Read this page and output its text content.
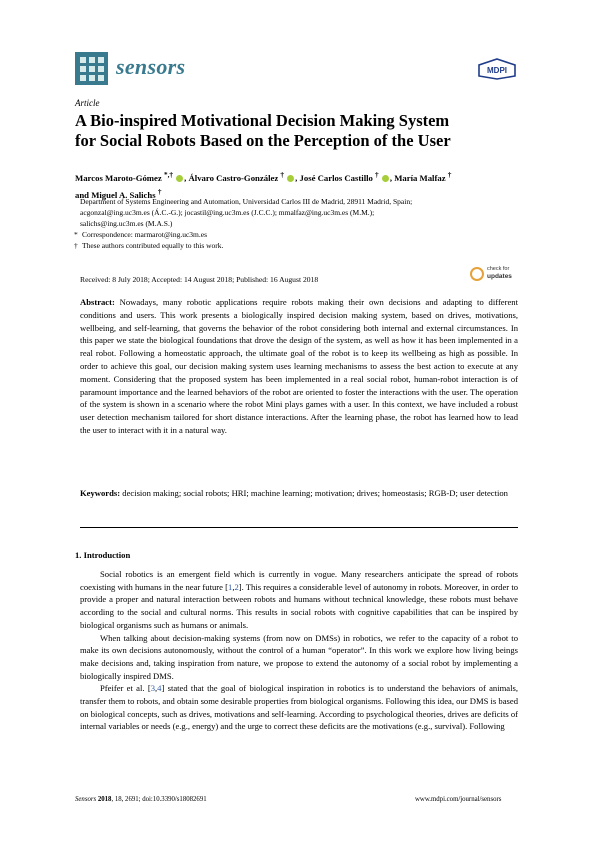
sensors	MDPI
Article
A Bio-inspired Motivational Decision Making System
for Social Robots Based on the Perception of the User
Marcos Maroto-Gómez *,† , Álvaro Castro-González † , José Carlos Castillo † , María Malfaz †
and Miguel A. Salichs †
Department of Systems Engineering and Automation, Universidad Carlos III de Madrid, 28911 Madrid, Spain;
acgonzal@ing.uc3m.es (Á.C.-G.); jocastil@ing.uc3m.es (J.C.C.); mmalfaz@ing.uc3m.es (M.M.);
salichs@ing.uc3m.es (M.A.S.)
* Correspondence: marmarot@ing.uc3m.es
† These authors contributed equally to this work.
Received: 8 July 2018; Accepted: 14 August 2018; Published: 16 August 2018
check for
updates
Abstract: Nowadays, many robotic applications require robots making their own decisions and adapting to different conditions and users. This work presents a biologically inspired decision making system, based on drives, motivations, wellbeing, and self-learning, that governs the behavior of the robot considering both internal and external circumstances. In this paper we state the biological foundations that drove the design of the system, as well as how it has been implemented in a real robot. Following a homeostatic approach, the ultimate goal of the robot is to keep its wellbeing as high as possible. In order to achieve this goal, our decision making system uses learning mechanisms to assess the best action to execute at any moment. Considering that the proposed system has been implemented in a real social robot, human-robot interaction is of paramount importance and the learned behaviors of the robot are oriented to foster the interactions with the user. The operation of the system is shown in a scenario where the robot Mini plays games with a user. In this context, we have included a robust user detection mechanism tailored for short distance interactions. After the learning phase, the robot has learned how to lead the user to interact with it in a natural way.
Keywords: decision making; social robots; HRI; machine learning; motivation; drives; homeostasis; RGB-D; user detection
1. Introduction

Social robotics is an emergent field which is currently in vogue. Many researchers anticipate the spread of robots coexisting with humans in the near future [1,2]. This requires a considerable level of autonomy in robots. Moreover, in order to provide a proper and natural interaction between robots and humans without technical knowledge, these robots must behave according to the social and cultural norms. This results in social robots with cognitive capabilities that can be inspired by biological organisms such as humans or animals.

When talking about decision-making systems (from now on DMSs) in robotics, we refer to the capacity of a robot to make its own decisions autonomously, without the control of a human “operator”. In this work we explore how living beings make decisions and, taking inspiration from nature, we propose to extend the autonomy of a social robot by implementing a biologically inspired DMS.

Pfeifer et al. [3,4] stated that the goal of biological inspiration in robotics is to understand the behaviors of animals, transfer them to robots, and obtain some desirable properties from biological organisms. Following this idea, our DMS is based on biological concepts, such as drives, motivations and self-learning. According to psychological theories, drives are deficits of internal variables or needs (e.g., energy) and the urge to correct these deficits are the motivations (e.g., survival). Following

Sensors 2018, 18, 2691; doi:10.3390/s18082691	www.mdpi.com/journal/sensors
